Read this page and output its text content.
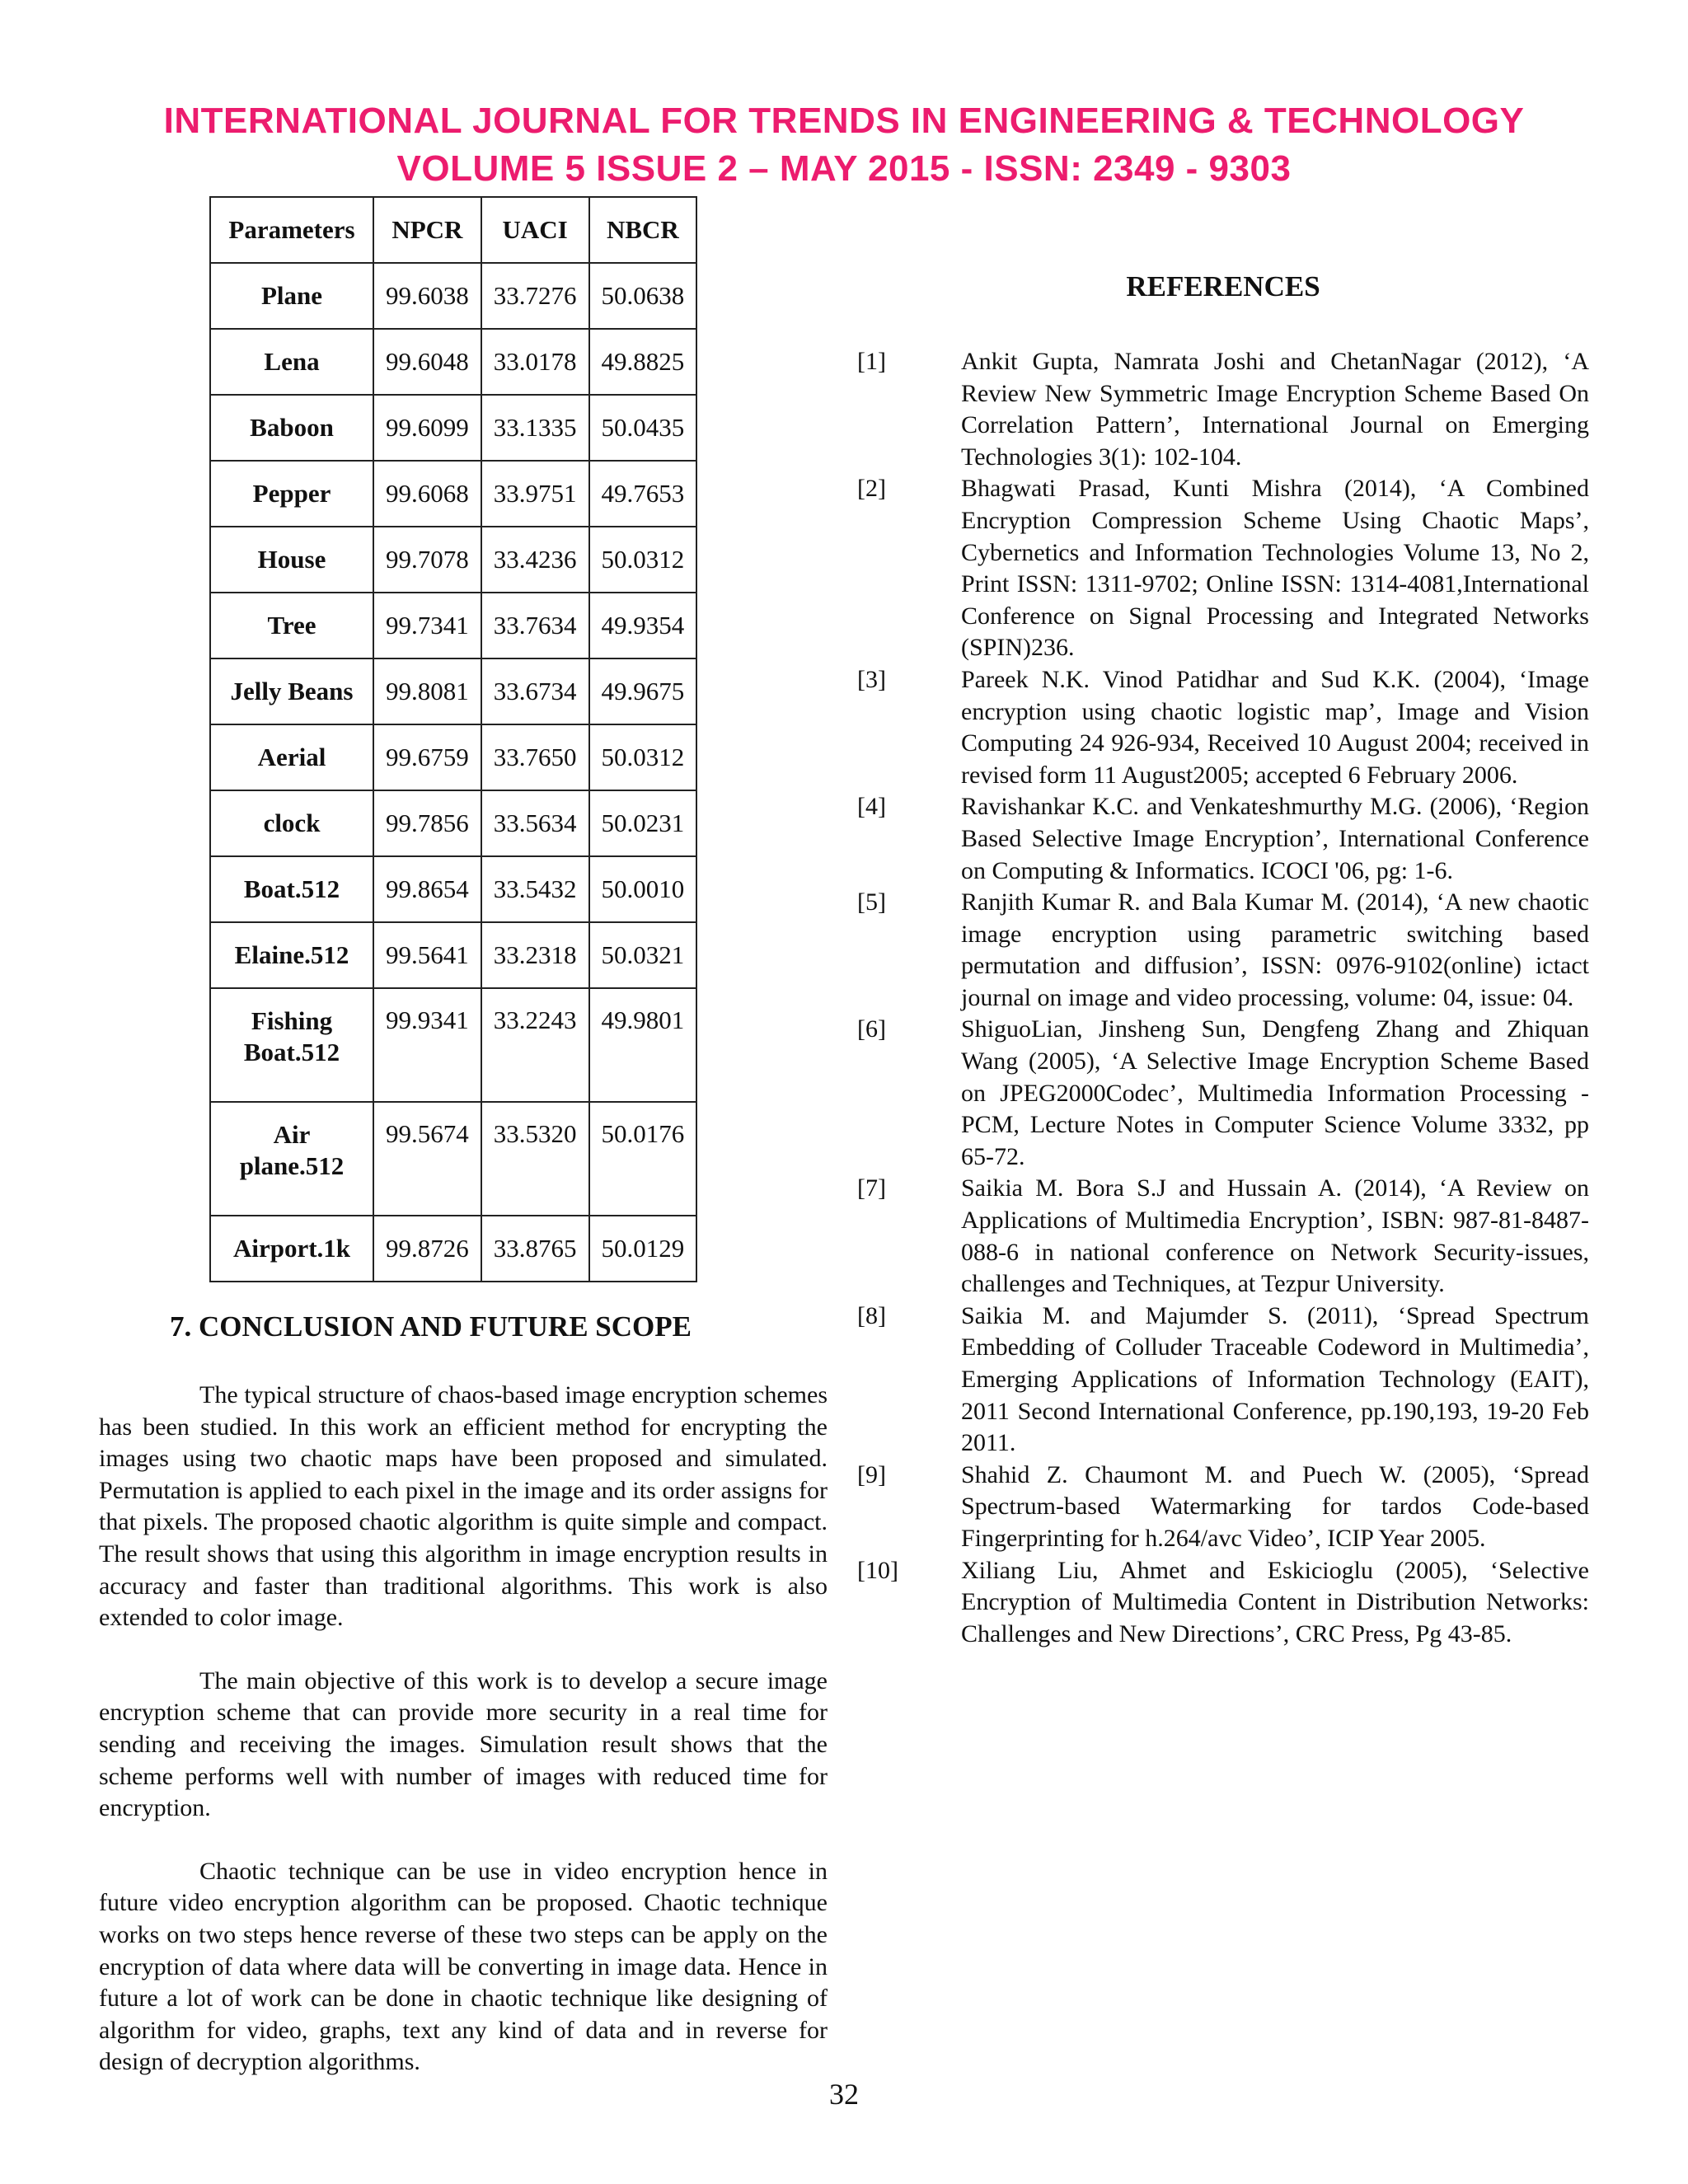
INTERNATIONAL JOURNAL FOR TRENDS IN ENGINEERING & TECHNOLOGY
VOLUME 5 ISSUE 2 – MAY 2015 - ISSN: 2349 - 9303
Parameters	NPCR	UACI	NBCR
Plane	99.6038	33.7276	50.0638
Lena	99.6048	33.0178	49.8825
Baboon	99.6099	33.1335	50.0435
Pepper	99.6068	33.9751	49.7653
House	99.7078	33.4236	50.0312
Tree	99.7341	33.7634	49.9354
Jelly Beans	99.8081	33.6734	49.9675
Aerial	99.6759	33.7650	50.0312
clock	99.7856	33.5634	50.0231
Boat.512	99.8654	33.5432	50.0010
Elaine.512	99.5641	33.2318	50.0321
Fishing Boat.512	99.9341	33.2243	49.9801
Air plane.512	99.5674	33.5320	50.0176
Airport.1k	99.8726	33.8765	50.0129
7. CONCLUSION AND FUTURE SCOPE

The typical structure of chaos-based image encryption schemes has been studied. In this work an efficient method for encrypting the images using two chaotic maps have been proposed and simulated. Permutation is applied to each pixel in the image and its order assigns for that pixels. The proposed chaotic algorithm is quite simple and compact. The result shows that using this algorithm in image encryption results in accuracy and faster than traditional algorithms. This work is also extended to color image.

The main objective of this work is to develop a secure image encryption scheme that can provide more security in a real time for sending and receiving the images. Simulation result shows that the scheme performs well with number of images with reduced time for encryption.

Chaotic technique can be use in video encryption hence in future video encryption algorithm can be proposed. Chaotic technique works on two steps hence reverse of these two steps can be apply on the encryption of data where data will be converting in image data. Hence in future a lot of work can be done in chaotic technique like designing of algorithm for video, graphs, text any kind of data and in reverse for design of decryption algorithms.

REFERENCES
[1]	Ankit Gupta, Namrata Joshi and ChetanNagar (2012), ‘A Review New Symmetric Image Encryption Scheme Based On Correlation Pattern’, International Journal on Emerging Technologies 3(1): 102-104.
[2]	Bhagwati Prasad, Kunti Mishra (2014), ‘A Combined Encryption Compression Scheme Using Chaotic Maps’, Cybernetics and Information Technologies Volume 13, No 2, Print ISSN: 1311-9702; Online ISSN: 1314-4081,International Conference on Signal Processing and Integrated Networks (SPIN)236.
[3]	Pareek N.K. Vinod Patidhar and Sud K.K. (2004), ‘Image encryption using chaotic logistic map’, Image and Vision Computing 24 926-934, Received 10 August 2004; received in revised form 11 August2005; accepted 6 February 2006.
[4]	Ravishankar K.C. and Venkateshmurthy M.G. (2006), ‘Region Based Selective Image Encryption’, International Conference on Computing & Informatics. ICOCI '06, pg: 1-6.
[5]	Ranjith Kumar R. and Bala Kumar M. (2014), ‘A new chaotic image encryption using parametric switching based permutation and diffusion’, ISSN: 0976-9102(online) ictact journal on image and video processing, volume: 04, issue: 04.
[6]	ShiguoLian, Jinsheng Sun, Dengfeng Zhang and Zhiquan Wang (2005), ‘A Selective Image Encryption Scheme Based on JPEG2000Codec’, Multimedia Information Processing - PCM, Lecture Notes in Computer Science Volume 3332, pp 65-72.
[7]	Saikia M. Bora S.J and Hussain A. (2014), ‘A Review on Applications of Multimedia Encryption’, ISBN: 987-81-8487-088-6 in national conference on Network Security-issues, challenges and Techniques, at Tezpur University.
[8]	Saikia M. and Majumder S. (2011), ‘Spread Spectrum Embedding of Colluder Traceable Codeword in Multimedia’, Emerging Applications of Information Technology (EAIT), 2011 Second International Conference, pp.190,193, 19-20 Feb 2011.
[9]	Shahid Z. Chaumont M. and Puech W. (2005), ‘Spread Spectrum-based Watermarking for tardos Code-based Fingerprinting for h.264/avc Video’, ICIP Year 2005.
[10]	Xiliang Liu, Ahmet and Eskicioglu (2005), ‘Selective Encryption of Multimedia Content in Distribution Networks: Challenges and New Directions’, CRC Press, Pg 43-85.
32
